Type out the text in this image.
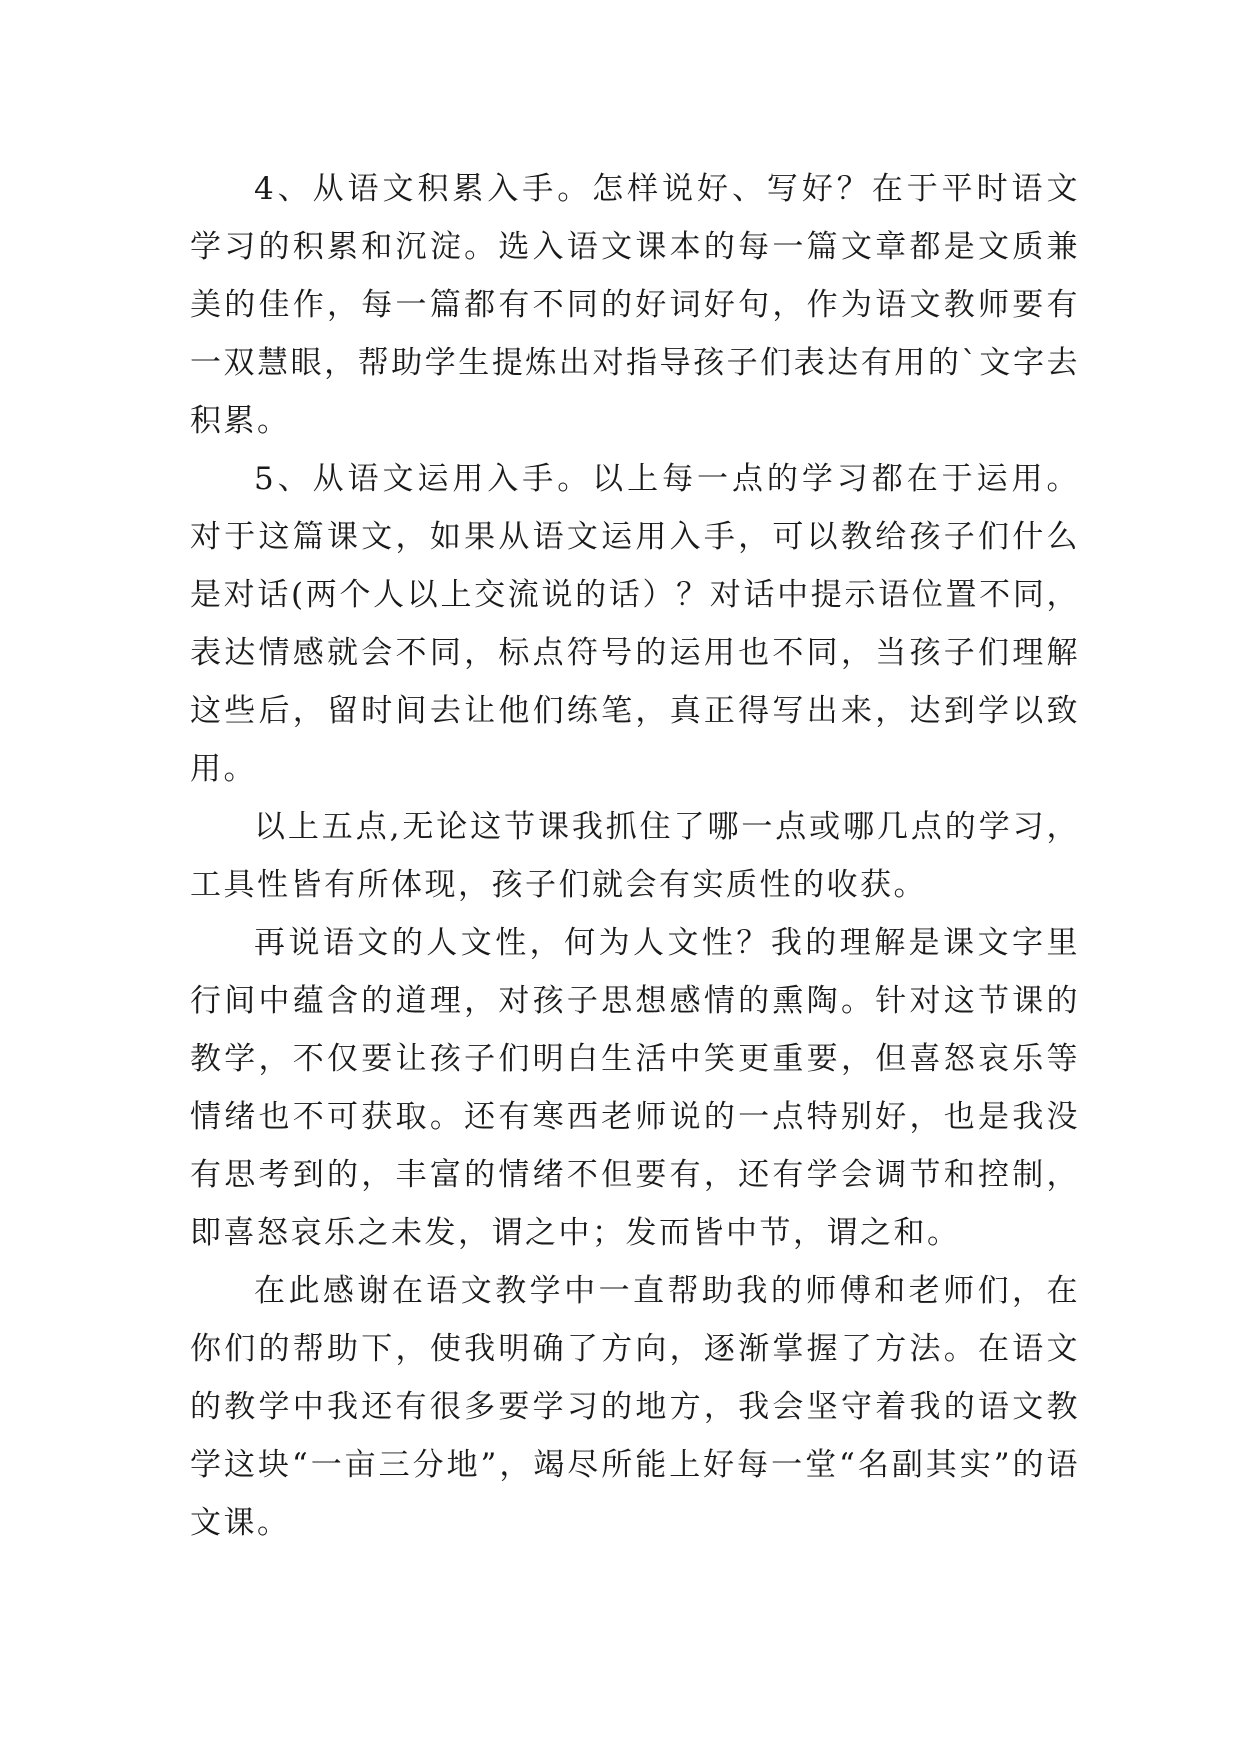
4、从语文积累入手。怎样说好、写好？在于平时语文学习的积累和沉淀。选入语文课本的每一篇文章都是文质兼美的佳作，每一篇都有不同的好词好句，作为语文教师要有一双慧眼，帮助学生提炼出对指导孩子们表达有用的`文字去积累。

5、从语文运用入手。以上每一点的学习都在于运用。对于这篇课文，如果从语文运用入手，可以教给孩子们什么是对话(两个人以上交流说的话）？对话中提示语位置不同，表达情感就会不同，标点符号的运用也不同，当孩子们理解这些后，留时间去让他们练笔，真正得写出来，达到学以致用。

以上五点,无论这节课我抓住了哪一点或哪几点的学习，工具性皆有所体现，孩子们就会有实质性的收获。

再说语文的人文性，何为人文性？我的理解是课文字里行间中蕴含的道理，对孩子思想感情的熏陶。针对这节课的教学，不仅要让孩子们明白生活中笑更重要，但喜怒哀乐等情绪也不可获取。还有寒西老师说的一点特别好，也是我没有思考到的，丰富的情绪不但要有，还有学会调节和控制，即喜怒哀乐之未发，谓之中；发而皆中节，谓之和。

在此感谢在语文教学中一直帮助我的师傅和老师们，在你们的帮助下，使我明确了方向，逐渐掌握了方法。在语文的教学中我还有很多要学习的地方，我会坚守着我的语文教学这块“一亩三分地”，竭尽所能上好每一堂“名副其实”的语文课。
